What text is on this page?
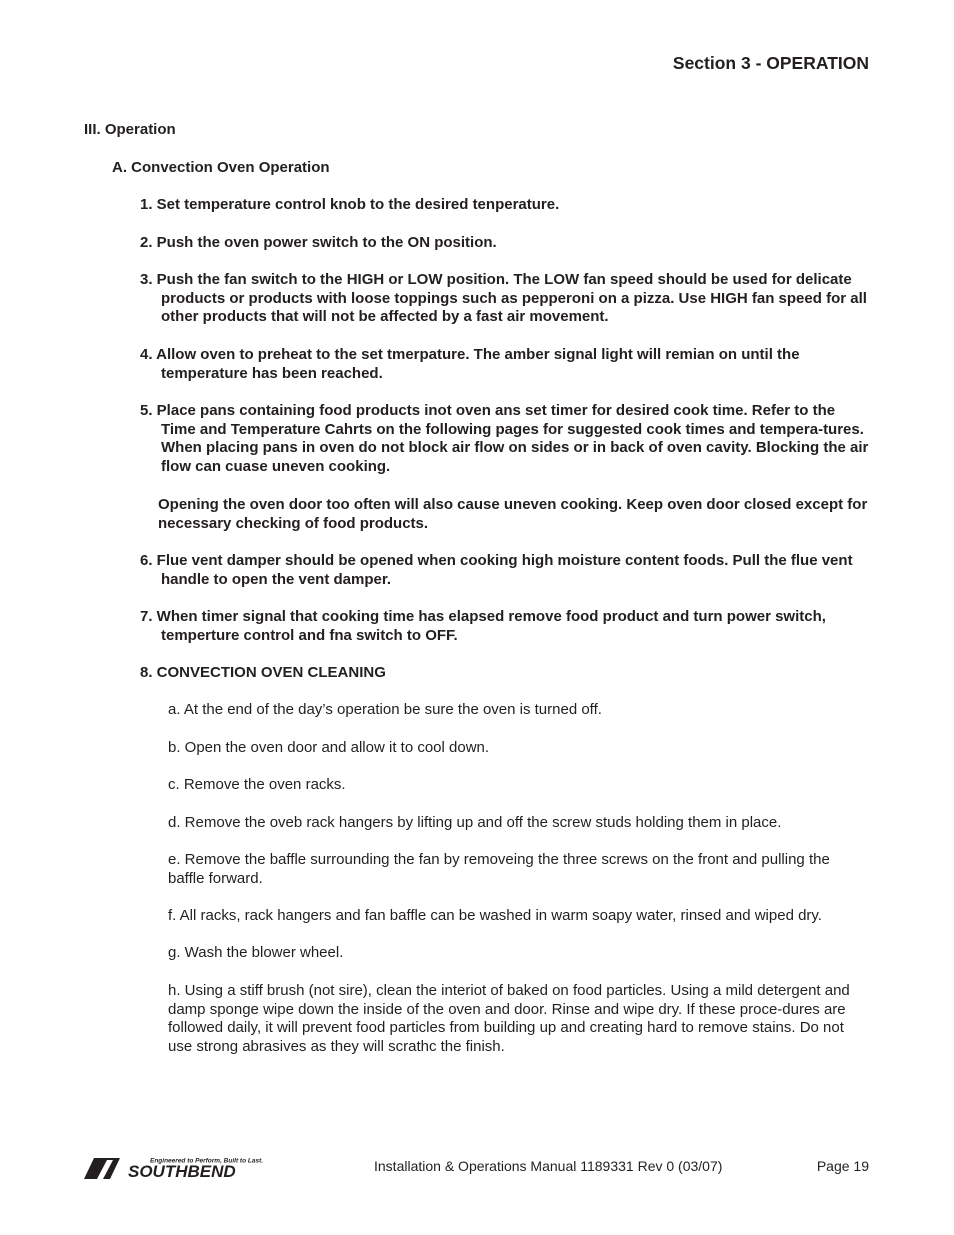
Section 3 - OPERATION

III. Operation

A. Convection Oven Operation

1. Set temperature control knob to the desired tenperature.

2. Push the oven power switch to the ON position.

3. Push the fan switch to the HIGH or LOW position. The LOW fan speed should be used for delicate products or products with loose toppings such as pepperoni on a pizza. Use HIGH fan speed for all other products that will not be affected by a fast air movement.

4. Allow oven to preheat to the set tmerpature. The amber signal light will remian on until the temperature has been reached.

5. Place pans containing food products inot oven ans set timer for desired cook time. Refer to the Time and Temperature Cahrts on the following pages for suggested cook times and tempera-tures. When placing pans in oven do not block air flow on sides or in back of oven cavity. Blocking the air flow can cuase uneven cooking.

Opening the oven door too often will also cause uneven cooking. Keep oven door closed except for necessary checking of food products.

6. Flue vent damper should be opened when cooking high moisture content foods. Pull the flue vent handle to open the vent damper.

7. When timer signal that cooking time has elapsed remove food product and turn power switch, temperture control and fna switch to OFF.

8. CONVECTION OVEN CLEANING

a. At the end of the day’s operation be sure the oven is turned off.

b. Open the oven door and allow it to cool down.

c. Remove the oven racks.

d. Remove the oveb rack hangers by lifting up and off the screw studs holding them in place.

e. Remove the baffle surrounding the fan by removeing the three screws on the front and pulling the baffle forward.

f. All racks, rack hangers and fan baffle can be washed in warm soapy water, rinsed and wiped dry.

g. Wash the blower wheel.

h. Using a stiff brush (not sire), clean the interiot of baked on food particles. Using a mild detergent and damp sponge wipe down the inside of the oven and door. Rinse and wipe dry. If these proce-dures are followed daily, it will prevent food particles from building up and creating hard to remove stains. Do not use strong abrasives as they will scrathc the finish.

SOUTHBEND
Engineered to Perform, Built to Last.	Installation & Operations Manual 1189331 Rev 0 (03/07)	Page 19
